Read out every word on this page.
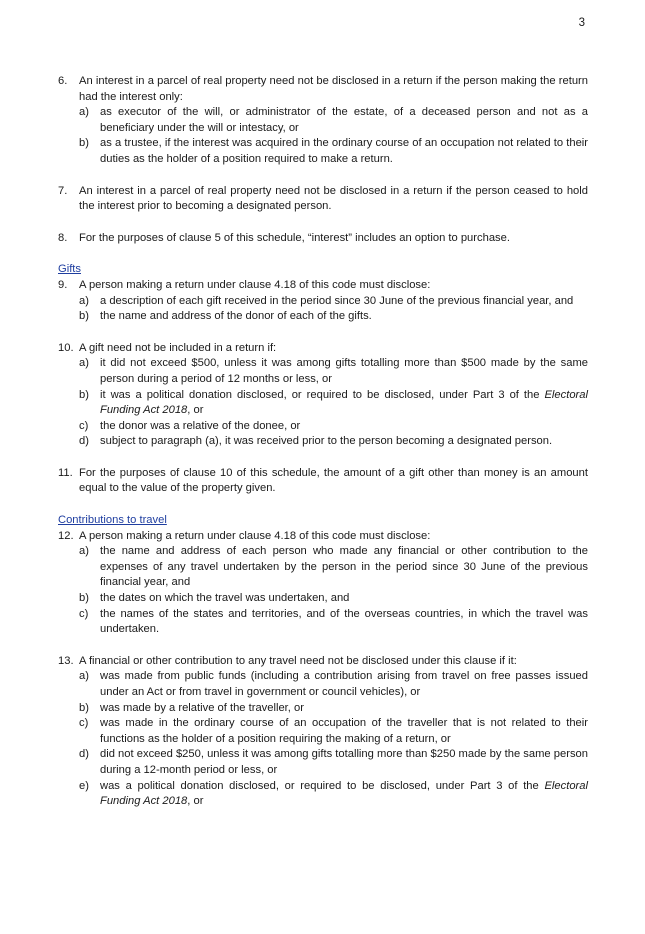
3
6.	An interest in a parcel of real property need not be disclosed in a return if the person making the return had the interest only:
a) as executor of the will, or administrator of the estate, of a deceased person and not as a beneficiary under the will or intestacy, or
b) as a trustee, if the interest was acquired in the ordinary course of an occupation not related to their duties as the holder of a position required to make a return.
7.	An interest in a parcel of real property need not be disclosed in a return if the person ceased to hold the interest prior to becoming a designated person.
8.	For the purposes of clause 5 of this schedule, “interest” includes an option to purchase.
Gifts
9.	A person making a return under clause 4.18 of this code must disclose:
a) a description of each gift received in the period since 30 June of the previous financial year, and
b) the name and address of the donor of each of the gifts.
10. A gift need not be included in a return if:
a) it did not exceed $500, unless it was among gifts totalling more than $500 made by the same person during a period of 12 months or less, or
b) it was a political donation disclosed, or required to be disclosed, under Part 3 of the Electoral Funding Act 2018, or
c)	the donor was a relative of the donee, or
d) subject to paragraph (a), it was received prior to the person becoming a designated person.
11. For the purposes of clause 10 of this schedule, the amount of a gift other than money is an amount equal to the value of the property given.
Contributions to travel
12. A person making a return under clause 4.18 of this code must disclose:
a) the name and address of each person who made any financial or other contribution to the expenses of any travel undertaken by the person in the period since 30 June of the previous financial year, and
b) the dates on which the travel was undertaken, and
c)	the names of the states and territories, and of the overseas countries, in which the travel was undertaken.
13. A financial or other contribution to any travel need not be disclosed under this clause if it:
a) was made from public funds (including a contribution arising from travel on free passes issued under an Act or from travel in government or council vehicles), or
b) was made by a relative of the traveller, or
c)	was made in the ordinary course of an occupation of the traveller that is not related to their functions as the holder of a position requiring the making of a return, or
d) did not exceed $250, unless it was among gifts totalling more than $250 made by the same person during a 12-month period or less, or
e) was a political donation disclosed, or required to be disclosed, under Part 3 of the Electoral Funding Act 2018, or
